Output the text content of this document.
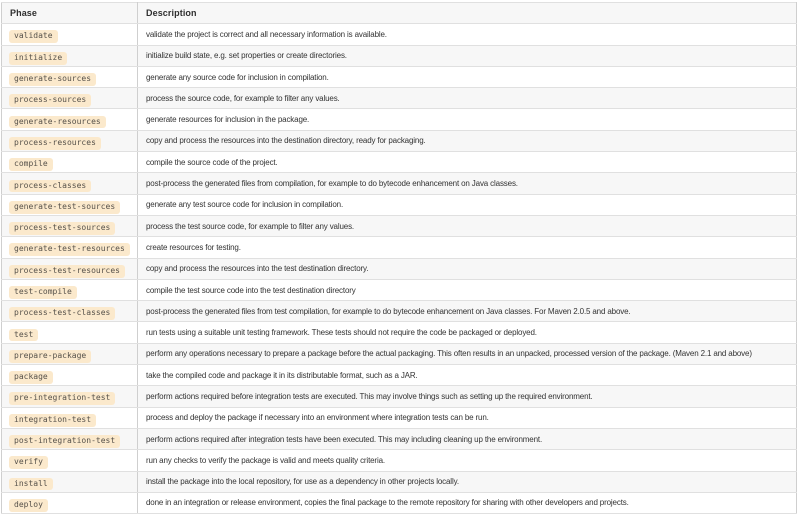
Phase	Description
validate	validate the project is correct and all necessary information is available.
initialize	initialize build state, e.g. set properties or create directories.
generate-sources	generate any source code for inclusion in compilation.
process-sources	process the source code, for example to filter any values.
generate-resources	generate resources for inclusion in the package.
process-resources	copy and process the resources into the destination directory, ready for packaging.
compile	compile the source code of the project.
process-classes	post-process the generated files from compilation, for example to do bytecode enhancement on Java classes.
generate-test-sources	generate any test source code for inclusion in compilation.
process-test-sources	process the test source code, for example to filter any values.
generate-test-resources	create resources for testing.
process-test-resources	copy and process the resources into the test destination directory.
test-compile	compile the test source code into the test destination directory
process-test-classes	post-process the generated files from test compilation, for example to do bytecode enhancement on Java classes. For Maven 2.0.5 and above.
test	run tests using a suitable unit testing framework. These tests should not require the code be packaged or deployed.
prepare-package	perform any operations necessary to prepare a package before the actual packaging. This often results in an unpacked, processed version of the package. (Maven 2.1 and above)
package	take the compiled code and package it in its distributable format, such as a JAR.
pre-integration-test	perform actions required before integration tests are executed. This may involve things such as setting up the required environment.
integration-test	process and deploy the package if necessary into an environment where integration tests can be run.
post-integration-test	perform actions required after integration tests have been executed. This may including cleaning up the environment.
verify	run any checks to verify the package is valid and meets quality criteria.
install	install the package into the local repository, for use as a dependency in other projects locally.
deploy	done in an integration or release environment, copies the final package to the remote repository for sharing with other developers and projects.
